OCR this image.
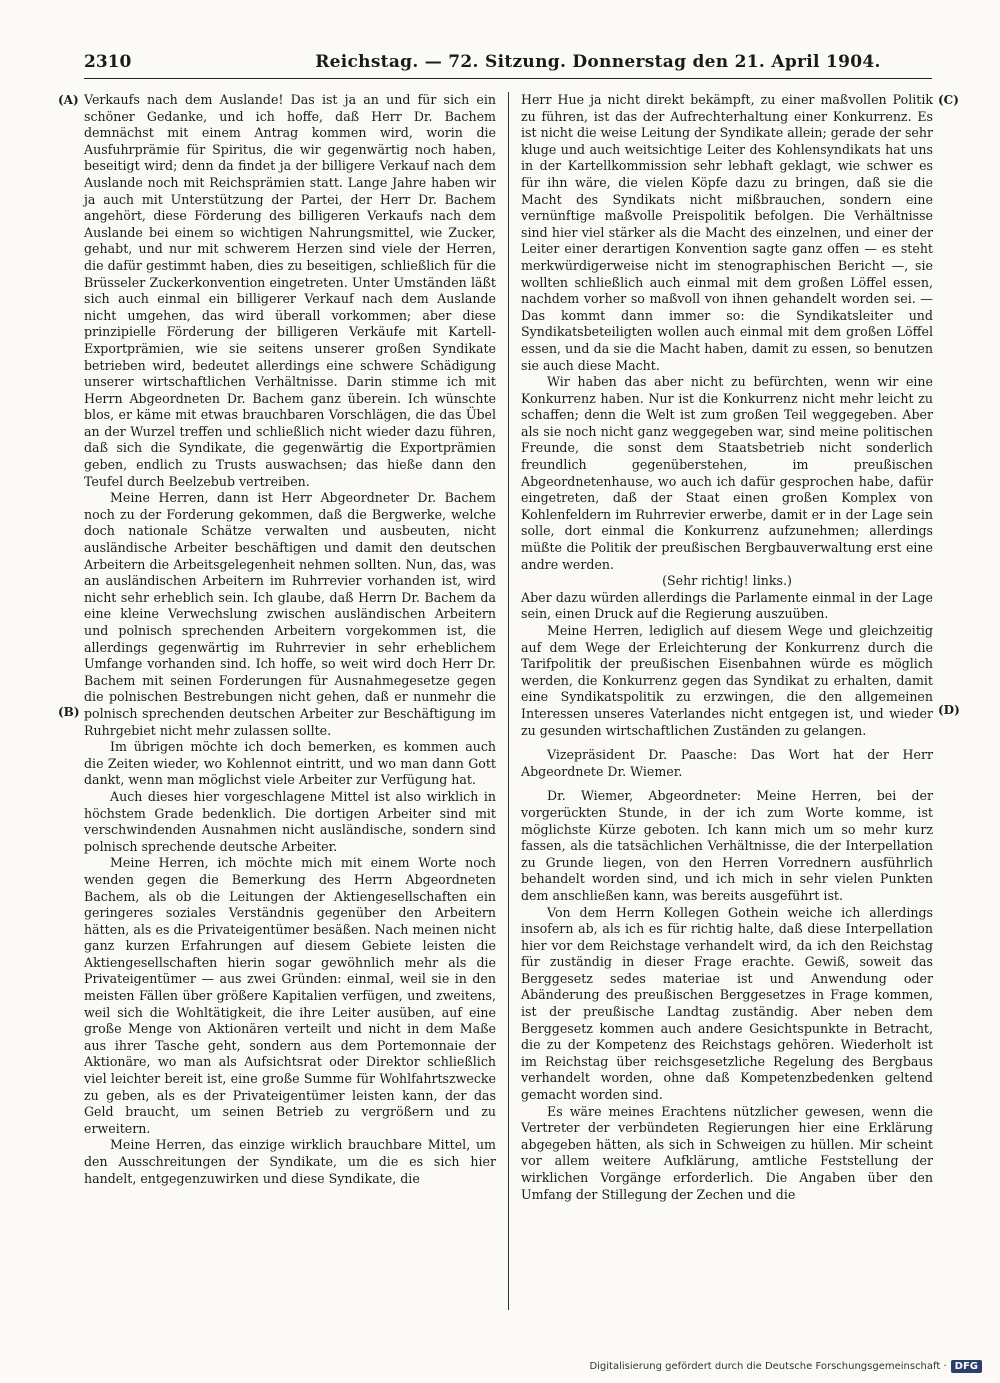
2310	Reichstag. — 72. Sitzung. Donnerstag den 21. April 1904.
(A)
(B)
(C)
(D)

Verkaufs nach dem Auslande! Das ist ja an und für sich ein schöner Gedanke, und ich hoffe, daß Herr Dr. Bachem demnächst mit einem Antrag kommen wird, worin die Ausfuhrprämie für Spiritus, die wir gegenwärtig noch haben, beseitigt wird; denn da findet ja der billigere Verkauf nach dem Auslande noch mit Reichsprämien statt. Lange Jahre haben wir ja auch mit Unterstützung der Partei, der Herr Dr. Bachem angehört, diese Förderung des billigeren Verkaufs nach dem Auslande bei einem so wichtigen Nahrungsmittel, wie Zucker, gehabt, und nur mit schwerem Herzen sind viele der Herren, die dafür gestimmt haben, dies zu beseitigen, schließlich für die Brüsseler Zuckerkonvention eingetreten. Unter Umständen läßt sich auch einmal ein billigerer Verkauf nach dem Auslande nicht umgehen, das wird überall vorkommen; aber diese prinzipielle Förderung der billigeren Verkäufe mit Kartell-Exportprämien, wie sie seitens unserer großen Syndikate betrieben wird, bedeutet allerdings eine schwere Schädigung unserer wirtschaftlichen Verhältnisse. Darin stimme ich mit Herrn Abgeordneten Dr. Bachem ganz überein. Ich wünschte blos, er käme mit etwas brauchbaren Vorschlägen, die das Übel an der Wurzel treffen und schließlich nicht wieder dazu führen, daß sich die Syndikate, die gegenwärtig die Exportprämien geben, endlich zu Trusts auswachsen; das hieße dann den Teufel durch Beelzebub vertreiben.

Meine Herren, dann ist Herr Abgeordneter Dr. Bachem noch zu der Forderung gekommen, daß die Bergwerke, welche doch nationale Schätze verwalten und ausbeuten, nicht ausländische Arbeiter beschäftigen und damit den deutschen Arbeitern die Arbeitsgelegenheit nehmen sollten. Nun, das, was an ausländischen Arbeitern im Ruhrrevier vorhanden ist, wird nicht sehr erheblich sein. Ich glaube, daß Herrn Dr. Bachem da eine kleine Verwechslung zwischen ausländischen Arbeitern und polnisch sprechenden Arbeitern vorgekommen ist, die allerdings gegenwärtig im Ruhrrevier in sehr erheblichem Umfange vorhanden sind. Ich hoffe, so weit wird doch Herr Dr. Bachem mit seinen Forderungen für Ausnahmegesetze gegen die polnischen Bestrebungen nicht gehen, daß er nunmehr die polnisch sprechenden deutschen Arbeiter zur Beschäftigung im Ruhrgebiet nicht mehr zulassen sollte.

Im übrigen möchte ich doch bemerken, es kommen auch die Zeiten wieder, wo Kohlennot eintritt, und wo man dann Gott dankt, wenn man möglichst viele Arbeiter zur Verfügung hat.

Auch dieses hier vorgeschlagene Mittel ist also wirklich in höchstem Grade bedenklich. Die dortigen Arbeiter sind mit verschwindenden Ausnahmen nicht ausländische, sondern sind polnisch sprechende deutsche Arbeiter.

Meine Herren, ich möchte mich mit einem Worte noch wenden gegen die Bemerkung des Herrn Abgeordneten Bachem, als ob die Leitungen der Aktiengesellschaften ein geringeres soziales Verständnis gegenüber den Arbeitern hätten, als es die Privateigentümer besäßen. Nach meinen nicht ganz kurzen Erfahrungen auf diesem Gebiete leisten die Aktiengesellschaften hierin sogar gewöhnlich mehr als die Privateigentümer — aus zwei Gründen: einmal, weil sie in den meisten Fällen über größere Kapitalien verfügen, und zweitens, weil sich die Wohltätigkeit, die ihre Leiter ausüben, auf eine große Menge von Aktionären verteilt und nicht in dem Maße aus ihrer Tasche geht, sondern aus dem Portemonnaie der Aktionäre, wo man als Aufsichtsrat oder Direktor schließlich viel leichter bereit ist, eine große Summe für Wohlfahrtszwecke zu geben, als es der Privateigentümer leisten kann, der das Geld braucht, um seinen Betrieb zu vergrößern und zu erweitern.

Meine Herren, das einzige wirklich brauchbare Mittel, um den Ausschreitungen der Syndikate, um die es sich hier handelt, entgegenzuwirken und diese Syndikate, die

Herr Hue ja nicht direkt bekämpft, zu einer maßvollen Politik zu führen, ist das der Aufrechterhaltung einer Konkurrenz. Es ist nicht die weise Leitung der Syndikate allein; gerade der sehr kluge und auch weitsichtige Leiter des Kohlensyndikats hat uns in der Kartellkommission sehr lebhaft geklagt, wie schwer es für ihn wäre, die vielen Köpfe dazu zu bringen, daß sie die Macht des Syndikats nicht mißbrauchen, sondern eine vernünftige maßvolle Preispolitik befolgen. Die Verhältnisse sind hier viel stärker als die Macht des einzelnen, und einer der Leiter einer derartigen Konvention sagte ganz offen — es steht merkwürdigerweise nicht im stenographischen Bericht —, sie wollten schließlich auch einmal mit dem großen Löffel essen, nachdem vorher so maßvoll von ihnen gehandelt worden sei. — Das kommt dann immer so: die Syndikatsleiter und Syndikatsbeteiligten wollen auch einmal mit dem großen Löffel essen, und da sie die Macht haben, damit zu essen, so benutzen sie auch diese Macht.

Wir haben das aber nicht zu befürchten, wenn wir eine Konkurrenz haben. Nur ist die Konkurrenz nicht mehr leicht zu schaffen; denn die Welt ist zum großen Teil weggegeben. Aber als sie noch nicht ganz weggegeben war, sind meine politischen Freunde, die sonst dem Staatsbetrieb nicht sonderlich freundlich gegenüberstehen, im preußischen Abgeordnetenhause, wo auch ich dafür gesprochen habe, dafür eingetreten, daß der Staat einen großen Komplex von Kohlenfeldern im Ruhrrevier erwerbe, damit er in der Lage sein solle, dort einmal die Konkurrenz aufzunehmen; allerdings müßte die Politik der preußischen Bergbauverwaltung erst eine andre werden.

(Sehr richtig! links.)

Aber dazu würden allerdings die Parlamente einmal in der Lage sein, einen Druck auf die Regierung auszuüben.

Meine Herren, lediglich auf diesem Wege und gleichzeitig auf dem Wege der Erleichterung der Konkurrenz durch die Tarifpolitik der preußischen Eisenbahnen würde es möglich werden, die Konkurrenz gegen das Syndikat zu erhalten, damit eine Syndikatspolitik zu erzwingen, die den allgemeinen Interessen unseres Vaterlandes nicht entgegen ist, und wieder zu gesunden wirtschaftlichen Zuständen zu gelangen.

Vizepräsident Dr. Paasche: Das Wort hat der Herr Abgeordnete Dr. Wiemer.

Dr. Wiemer, Abgeordneter: Meine Herren, bei der vorgerückten Stunde, in der ich zum Worte komme, ist möglichste Kürze geboten. Ich kann mich um so mehr kurz fassen, als die tatsächlichen Verhältnisse, die der Interpellation zu Grunde liegen, von den Herren Vorrednern ausführlich behandelt worden sind, und ich mich in sehr vielen Punkten dem anschließen kann, was bereits ausgeführt ist.

Von dem Herrn Kollegen Gothein weiche ich allerdings insofern ab, als ich es für richtig halte, daß diese Interpellation hier vor dem Reichstage verhandelt wird, da ich den Reichstag für zuständig in dieser Frage erachte. Gewiß, soweit das Berggesetz sedes materiae ist und Anwendung oder Abänderung des preußischen Berggesetzes in Frage kommen, ist der preußische Landtag zuständig. Aber neben dem Berggesetz kommen auch andere Gesichtspunkte in Betracht, die zu der Kompetenz des Reichstags gehören. Wiederholt ist im Reichstag über reichsgesetzliche Regelung des Bergbaus verhandelt worden, ohne daß Kompetenzbedenken geltend gemacht worden sind.

Es wäre meines Erachtens nützlicher gewesen, wenn die Vertreter der verbündeten Regierungen hier eine Erklärung abgegeben hätten, als sich in Schweigen zu hüllen. Mir scheint vor allem weitere Aufklärung, amtliche Feststellung der wirklichen Vorgänge erforderlich. Die Angaben über den Umfang der Stillegung der Zechen und die

Digitalisierung gefördert durch die Deutsche Forschungsgemeinschaft · DFG
